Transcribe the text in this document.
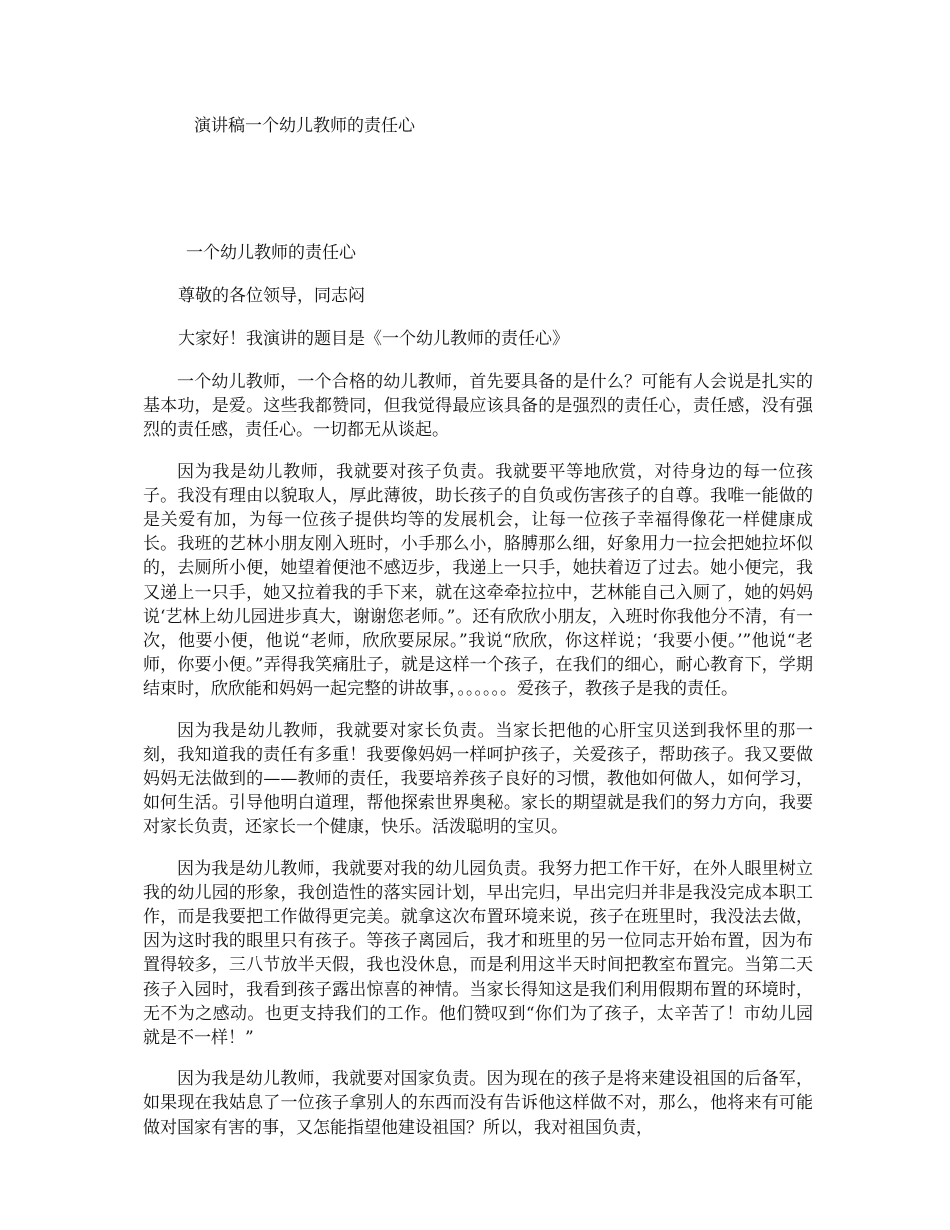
演讲稿一个幼儿教师的责任心
一个幼儿教师的责任心
尊敬的各位领导，同志闷
大家好！我演讲的题目是《一个幼儿教师的责任心》

一个幼儿教师，一个合格的幼儿教师，首先要具备的是什么？可能有人会说是扎实的基本功，是爱。这些我都赞同，但我觉得最应该具备的是强烈的责任心，责任感，没有强烈的责任感，责任心。一切都无从谈起。

因为我是幼儿教师，我就要对孩子负责。我就要平等地欣赏，对待身边的每一位孩子。我没有理由以貌取人，厚此薄彼，助长孩子的自负或伤害孩子的自尊。我唯一能做的是关爱有加，为每一位孩子提供均等的发展机会，让每一位孩子幸福得像花一样健康成长。我班的艺林小朋友刚入班时，小手那么小，胳膊那么细，好象用力一拉会把她拉坏似的，去厕所小便，她望着便池不感迈步，我递上一只手，她扶着迈了过去。她小便完，我又递上一只手，她又拉着我的手下来，就在这牵牵拉拉中，艺林能自己入厕了，她的妈妈说‘艺林上幼儿园进步真大，谢谢您老师。”。还有欣欣小朋友，入班时你我他分不清，有一次，他要小便，他说“老师，欣欣要尿尿。”我说“欣欣，你这样说；‘我要小便。’”他说“老师，你要小便。”弄得我笑痛肚子，就是这样一个孩子，在我们的细心，耐心教育下，学期结束时，欣欣能和妈妈一起完整的讲故事，。。。。。。爱孩子，教孩子是我的责任。

因为我是幼儿教师，我就要对家长负责。当家长把他的心肝宝贝送到我怀里的那一刻，我知道我的责任有多重！我要像妈妈一样呵护孩子，关爱孩子，帮助孩子。我又要做妈妈无法做到的——教师的责任，我要培养孩子良好的习惯，教他如何做人，如何学习，如何生活。引导他明白道理，帮他探索世界奥秘。家长的期望就是我们的努力方向，我要对家长负责，还家长一个健康，快乐。活泼聪明的宝贝。

因为我是幼儿教师，我就要对我的幼儿园负责。我努力把工作干好，在外人眼里树立我的幼儿园的形象，我创造性的落实园计划，早出完归，早出完归并非是我没完成本职工作，而是我要把工作做得更完美。就拿这次布置环境来说，孩子在班里时，我没法去做，因为这时我的眼里只有孩子。等孩子离园后，我才和班里的另一位同志开始布置，因为布置得较多，三八节放半天假，我也没休息，而是利用这半天时间把教室布置完。当第二天孩子入园时，我看到孩子露出惊喜的神情。当家长得知这是我们利用假期布置的环境时，无不为之感动。也更支持我们的工作。他们赞叹到“你们为了孩子，太辛苦了！市幼儿园就是不一样！”

因为我是幼儿教师，我就要对国家负责。因为现在的孩子是将来建设祖国的后备军，如果现在我姑息了一位孩子拿别人的东西而没有告诉他这样做不对，那么，他将来有可能做对国家有害的事，又怎能指望他建设祖国？所以，我对祖国负责，
